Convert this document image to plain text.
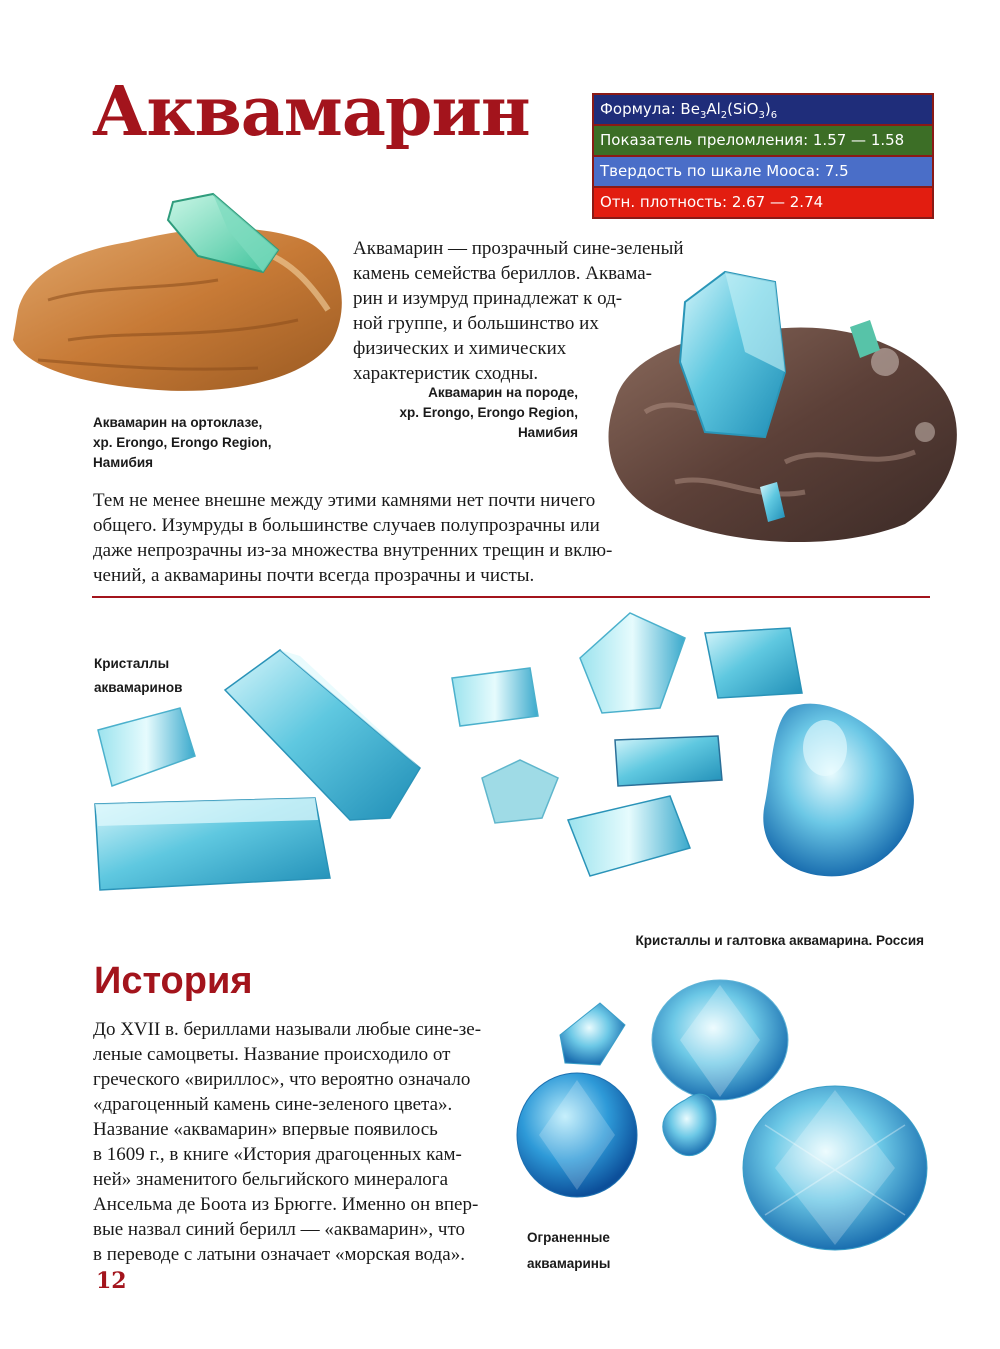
Аквамарин	Формула: $Be_3Al_2(SiO_3)_6$
Показатель преломления: 1.57 — 1.58
Твердость по шкале Мооса: 7.5
Отн. плотность: 2.67 — 2.74

Аквамарин — прозрачный сине-зеленый

камень семейства бериллов. Аквама-

рин и изумруд принадлежат к од-

ной группе, и большинство их

физических и химических

характеристик сходны.

Аквамарин на ортоклазе,
хр. Erongo, Erongo Region,
Намибия
Аквамарин на породе,
хр. Erongo, Erongo Region,
Намибия

Тем не менее внешне между этими камнями нет почти ничего

общего. Изумруды в большинстве случаев полупрозрачны или

даже непрозрачны из-за множества внутренних трещин и вклю-

чений, а аквамарины почти всегда прозрачны и чисты.

Кристаллы
аквамаринов
Кристаллы и галтовка аквамарина. Россия
История

До XVII в. бериллами называли любые сине-зе-

леные самоцветы. Название происходило от

греческого «вириллос», что вероятно означало

«драгоценный камень сине-зеленого цвета».

Название «аквамарин» впервые появилось

в 1609 г., в книге «История драгоценных кам-

ней» знаменитого бельгийского минералога

Ансельма де Боота из Брюгге. Именно он впер-

вые назвал синий берилл — «аквамарин», что

в переводе с латыни означает «морская вода».

Ограненные
аквамарины
12
